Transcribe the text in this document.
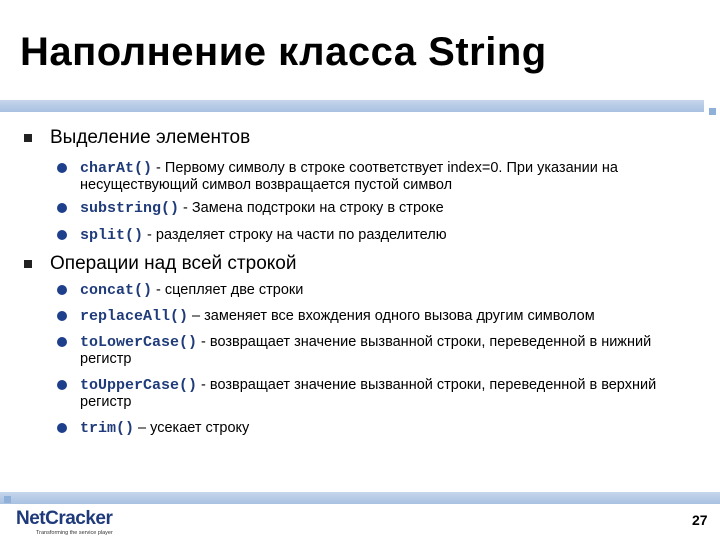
Наполнение класса String
Выделение элементов
charAt() - Первому символу в строке соответствует index=0. При указании на несуществующий символ возвращается пустой символ
substring() - Замена подстроки на строку в строке
split() - разделяет строку на части по разделителю
Операции над всей строкой
concat() - сцепляет две строки
replaceAll() – заменяет все вхождения одного вызова другим символом
toLowerCase() - возвращает значение вызванной строки, переведенной в нижний регистр
toUpperCase() - возвращает значение вызванной строки, переведенной в верхний регистр
trim() – усекает строку
NetCracker
Transforming the service player
27
